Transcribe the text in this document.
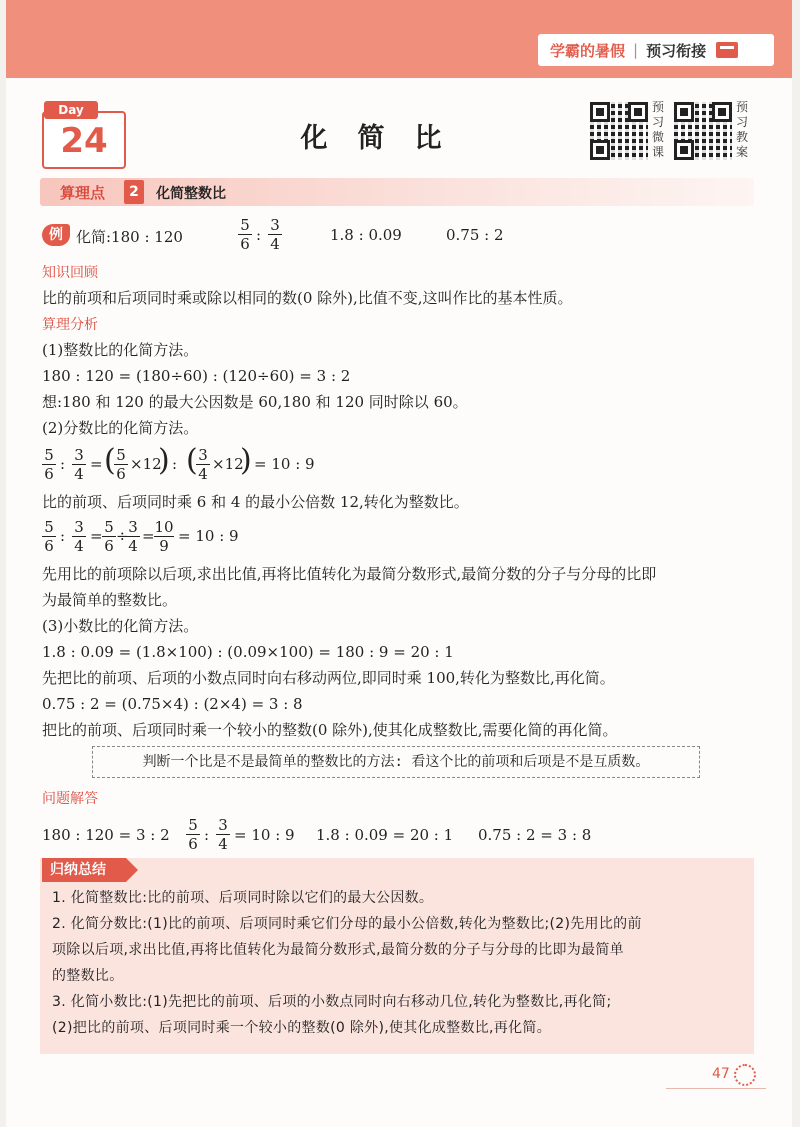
学霸的暑假 | 预习衔接
Day
24	化简比
预习微课
预习教案
算理点	2	化简整数比
例 化简:180 : 120	$\frac{5}{6}$ : $\frac{3}{4}$	1.8 : 0.09	0.75 : 2
知识回顾
比的前项和后项同时乘或除以相同的数(0 除外),比值不变,这叫作比的基本性质。
算理分析
(1)整数比的化简方法。
180 : 120 = (180÷60) : (120÷60) = 3 : 2
想:180 和 120 的最大公因数是 60,180 和 120 同时除以 60。
(2)分数比的化简方法。
$\frac{5}{6}$ : $\frac{3}{4}$ = (
$\frac{5}{6} \times 12$
) : (
$\frac{3}{4} \times 12$
) = 10 : 9
比的前项、后项同时乘 6 和 4 的最小公倍数 12,转化为整数比。
$\frac{5}{6}$ : $\frac{3}{4} = \frac{5}{6}$ ÷
$\frac{3}{4} = \frac{10}{9} = 10$ : 9
先用比的前项除以后项,求出比值,再将比值转化为最简分数形式,最简分数的分子与分母的比即
为最简单的整数比。
(3)小数比的化简方法。
1.8 : 0.09 = (1.8×100) : (0.09×100) = 180 : 9 = 20 : 1
先把比的前项、后项的小数点同时向右移动两位,即同时乘 100,转化为整数比,再化简。
0.75 : 2 = (0.75×4) : (2×4) = 3 : 8
把比的前项、后项同时乘一个较小的整数(0 除外),使其化成整数比,需要化简的再化简。
判断一个比是不是最简单的整数比的方法: 看这个比的前项和后项是不是互质数。
问题解答
180 : 120 = 3 : $2 \frac{5}{6}$ : $\frac{3}{4} = 10$ : 9 1.8 : 0.09 = 20 : 1 0.75 : 2 = 3 : 8
归纳总结
1. 化简整数比:比的前项、后项同时除以它们的最大公因数。
2. 化简分数比:(1)比的前项、后项同时乘它们分母的最小公倍数,转化为整数比;(2)先用比的前
项除以后项,求出比值,再将比值转化为最简分数形式,最简分数的分子与分母的比即为最简单
的整数比。
3. 化简小数比:(1)先把比的前项、后项的小数点同时向右移动几位,转化为整数比,再化简;
(2)把比的前项、后项同时乘一个较小的整数(0 除外),使其化成整数比,再化简。
47
